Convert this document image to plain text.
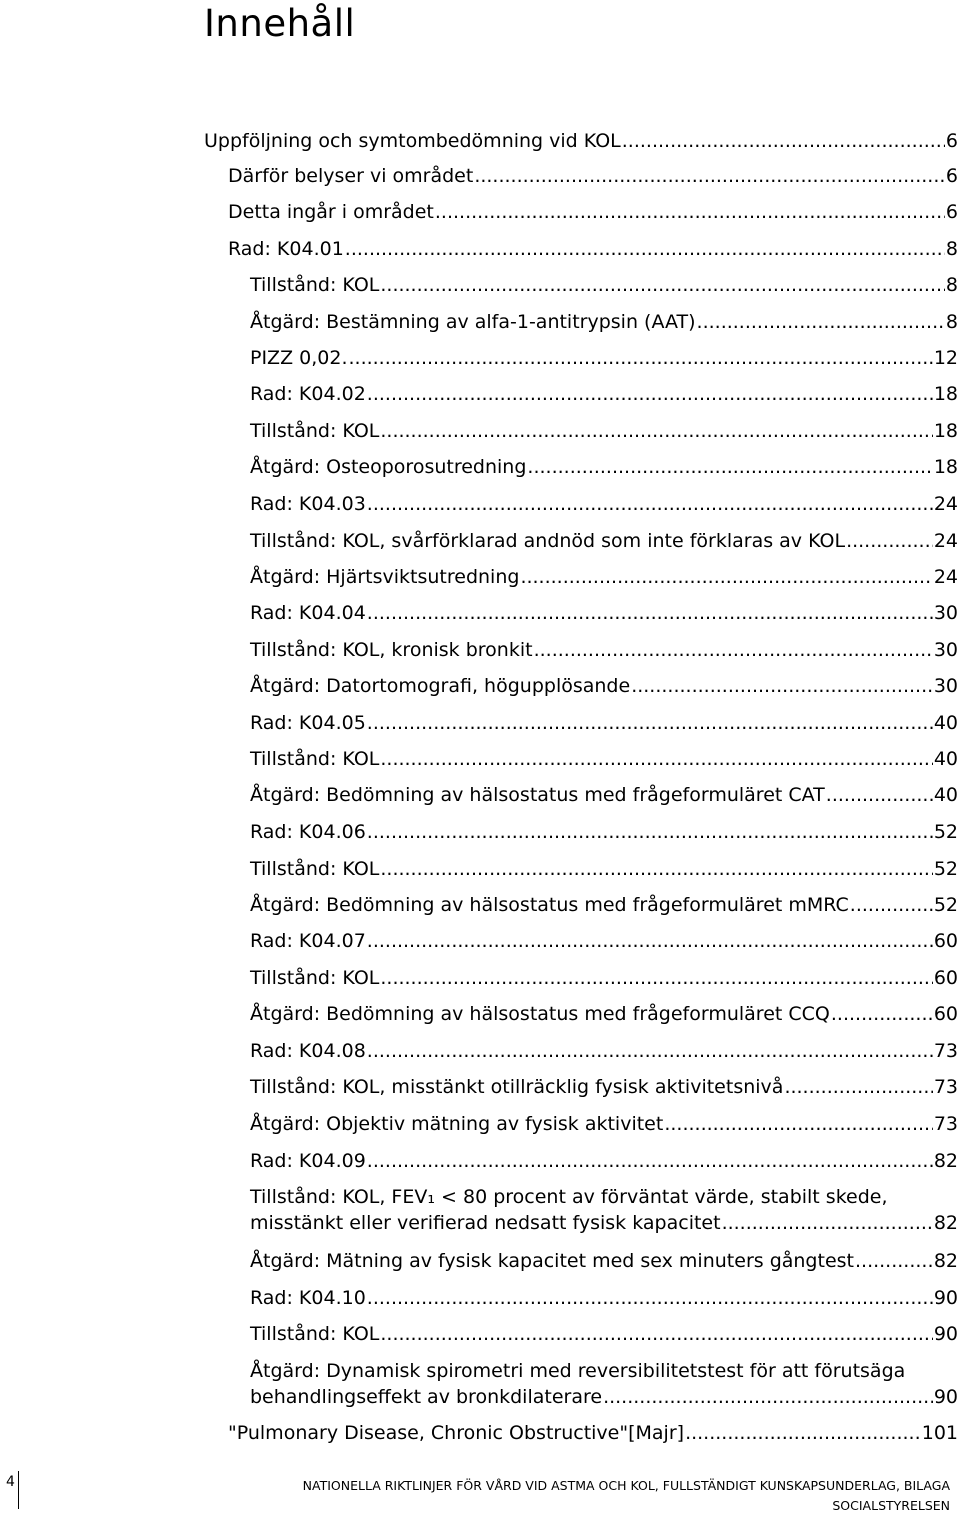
Innehåll
Uppföljning och symtombedömning vid KOL .....	6
Därför belyser vi området .....	6
Detta ingår i området .....	6
Rad: K04.01 .....	8
Tillstånd: KOL .....	8
Åtgärd: Bestämning av alfa-1-antitrypsin (AAT) .....	8
PIZZ 0,02. .....	12
Rad: K04.02 .....	18
Tillstånd: KOL .....	18
Åtgärd: Osteoporosutredning .....	18
Rad: K04.03 .....	24
Tillstånd: KOL, svårförklarad andnöd som inte förklaras av KOL .....	24
Åtgärd: Hjärtsviktsutredning .....	24
Rad: K04.04 .....	30
Tillstånd: KOL, kronisk bronkit .....	30
Åtgärd: Datortomografi, högupplösande .....	30
Rad: K04.05 .....	40
Tillstånd: KOL .....	40
Åtgärd: Bedömning av hälsostatus med frågeformuläret CAT .....	40
Rad: K04.06 .....	52
Tillstånd: KOL .....	52
Åtgärd: Bedömning av hälsostatus med frågeformuläret mMRC .....	52
Rad: K04.07 .....	60
Tillstånd: KOL .....	60
Åtgärd: Bedömning av hälsostatus med frågeformuläret CCQ .....	60
Rad: K04.08 .....	73
Tillstånd: KOL, misstänkt otillräcklig fysisk aktivitetsnivå .....	73
Åtgärd: Objektiv mätning av fysisk aktivitet .....	73
Rad: K04.09 .....	82
Tillstånd: KOL, FEV₁ < 80 procent av förväntat värde, stabilt skede,
misstänkt eller verifierad nedsatt fysisk kapacitet .....	82
Åtgärd: Mätning av fysisk kapacitet med sex minuters gångtest .....	82
Rad: K04.10 .....	90
Tillstånd: KOL .....	90
Åtgärd: Dynamisk spirometri med reversibilitetstest för att förutsäga
behandlingseffekt av bronkdilaterare .....	90
"Pulmonary Disease, Chronic Obstructive"[Majr] .....	101
4	NATIONELLA RIKTLINJER FÖR VÅRD VID ASTMA OCH KOL, FULLSTÄNDIGT KUNSKAPSUNDERLAG, BILAGA
SOCIALSTYRELSEN
